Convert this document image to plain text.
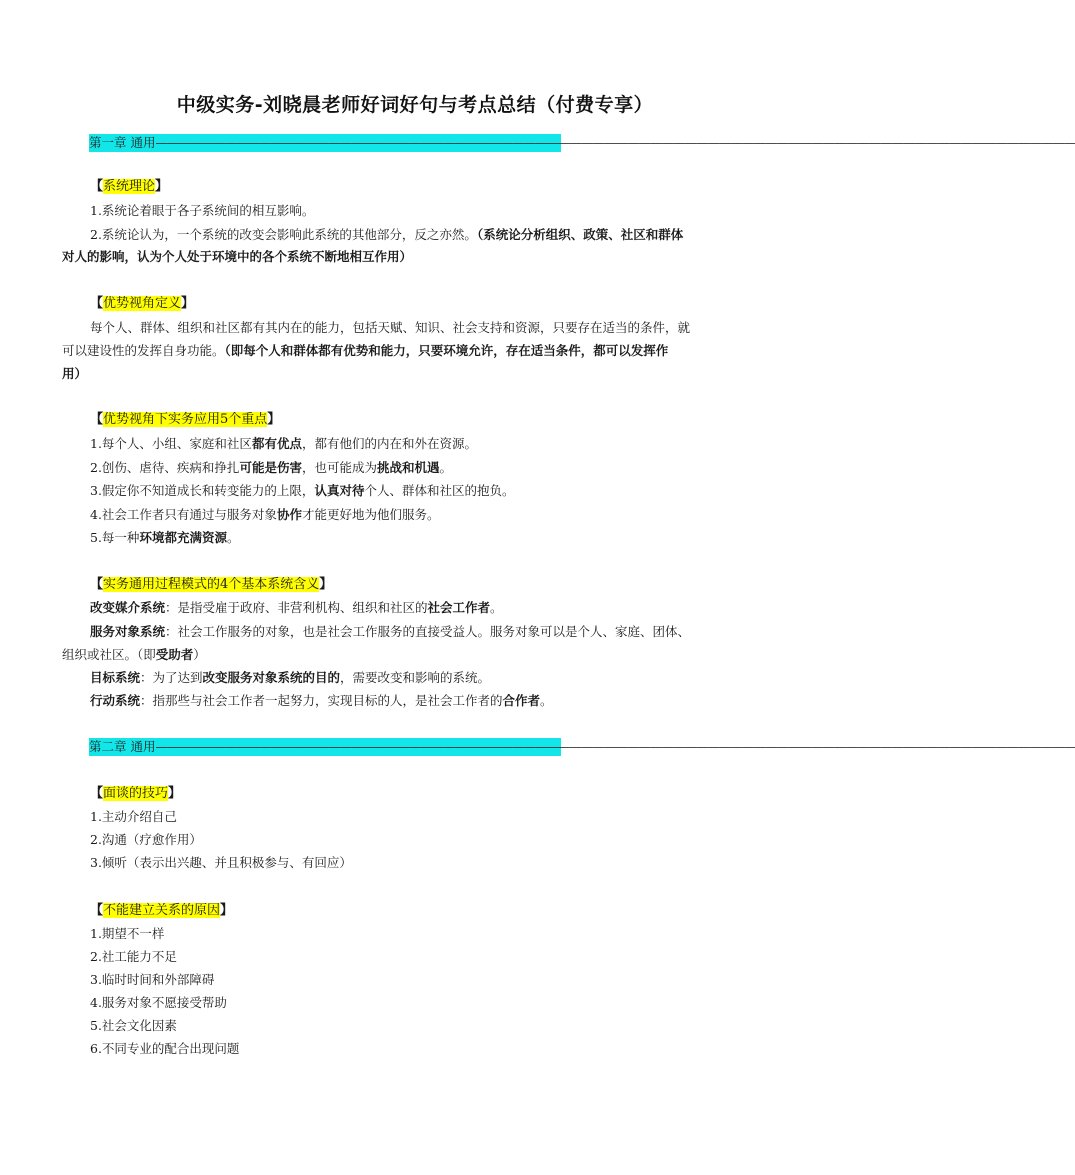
中级实务-刘晓晨老师好词好句与考点总结（付费专享）
第一章 通用————————————————————————————————————————————————————————————————————————————————
【系统理论】
1.系统论着眼于各子系统间的相互影响。
2.系统论认为，一个系统的改变会影响此系统的其他部分，反之亦然。（系统论分析组织、政策、社区和群体
对人的影响，认为个人处于环境中的各个系统不断地相互作用）
【优势视角定义】
每个人、群体、组织和社区都有其内在的能力，包括天赋、知识、社会支持和资源，只要存在适当的条件，就
可以建设性的发挥自身功能。（即每个人和群体都有优势和能力，只要环境允许，存在适当条件，都可以发挥作
用）
【优势视角下实务应用5个重点】
1.每个人、小组、家庭和社区都有优点，都有他们的内在和外在资源。
2.创伤、虐待、疾病和挣扎可能是伤害，也可能成为挑战和机遇。
3.假定你不知道成长和转变能力的上限，认真对待个人、群体和社区的抱负。
4.社会工作者只有通过与服务对象协作才能更好地为他们服务。
5.每一种环境都充满资源。
【实务通用过程模式的4个基本系统含义】
改变媒介系统：是指受雇于政府、非营利机构、组织和社区的社会工作者。
服务对象系统：社会工作服务的对象，也是社会工作服务的直接受益人。服务对象可以是个人、家庭、团体、
组织或社区。（即受助者）
目标系统：为了达到改变服务对象系统的目的，需要改变和影响的系统。
行动系统：指那些与社会工作者一起努力，实现目标的人，是社会工作者的合作者。
第二章 通用————————————————————————————————————————————————————————————————————————————————
【面谈的技巧】
1.主动介绍自己
2.沟通（疗愈作用）
3.倾听（表示出兴趣、并且积极参与、有回应）
【不能建立关系的原因】
1.期望不一样
2.社工能力不足
3.临时时间和外部障碍
4.服务对象不愿接受帮助
5.社会文化因素
6.不同专业的配合出现问题
